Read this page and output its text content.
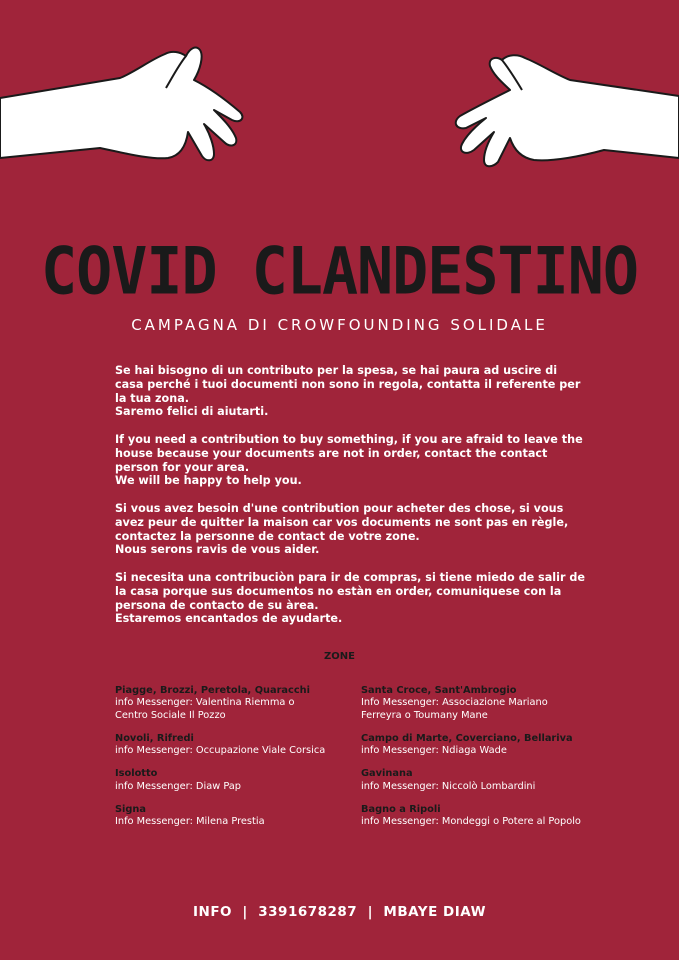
COVID CLANDESTINO
CAMPAGNA DI CROWFOUNDING SOLIDALE

Se hai bisogno di un contributo per la spesa, se hai paura ad uscire di casa perché i tuoi documenti non sono in regola, contatta il referente per la tua zona.
Saremo felici di aiutarti.

If you need a contribution to buy something, if you are afraid to leave the house because your documents are not in order, contact the contact person for your area.
We will be happy to help you.

Si vous avez besoin d'une contribution pour acheter des chose, si vous avez peur de quitter la maison car vos documents ne sont pas en règle, contactez la personne de contact de votre zone.
Nous serons ravis de vous aider.

Si necesita una contribuciòn para ir de compras, si tiene miedo de salir de la casa porque sus documentos no estàn en order, comuniquese con la persona de contacto de su àrea.
Estaremos encantados de ayudarte.

ZONE
Piagge, Brozzi, Peretola, Quaracchi
info Messenger: Valentina Riemma o Centro Sociale Il Pozzo
Novoli, Rifredi
info Messenger: Occupazione Viale Corsica
Isolotto
info Messenger: Diaw Pap
Signa
Info Messenger: Milena Prestia
Santa Croce, Sant'Ambrogio
Info Messenger: Associazione Mariano Ferreyra o Toumany Mane
Campo di Marte, Coverciano, Bellariva
info Messenger: Ndiaga Wade
Gavinana
info Messenger: Niccolò Lombardini
Bagno a Ripoli
info Messenger: Mondeggi o Potere al Popolo
INFO  |  3391678287  |  MBAYE DIAW
